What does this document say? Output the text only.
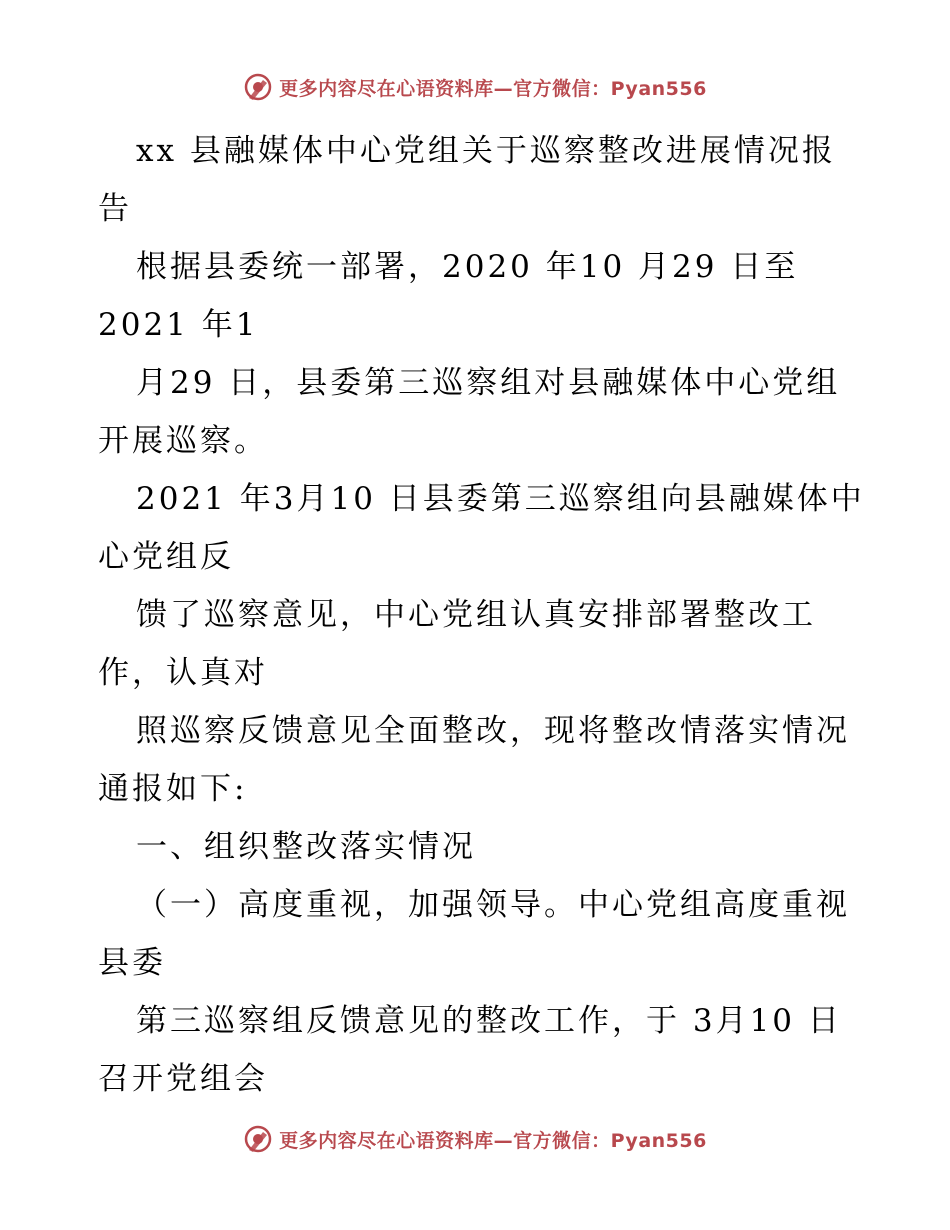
更多内容尽在心语资料库—官方微信：Pyan556
xx 县融媒体中心党组关于巡察整改进展情况报
告
根据县委统一部署，2020 年10 月29 日至
2021 年1
月29 日，县委第三巡察组对县融媒体中心党组
开展巡察。
2021 年3月10 日县委第三巡察组向县融媒体中
心党组反
馈了巡察意见，中心党组认真安排部署整改工
作，认真对
照巡察反馈意见全面整改，现将整改情落实情况
通报如下:
一、组织整改落实情况
（一）高度重视，加强领导。中心党组高度重视
县委
第三巡察组反馈意见的整改工作，于 3月10 日
召开党组会
更多内容尽在心语资料库—官方微信：Pyan556
